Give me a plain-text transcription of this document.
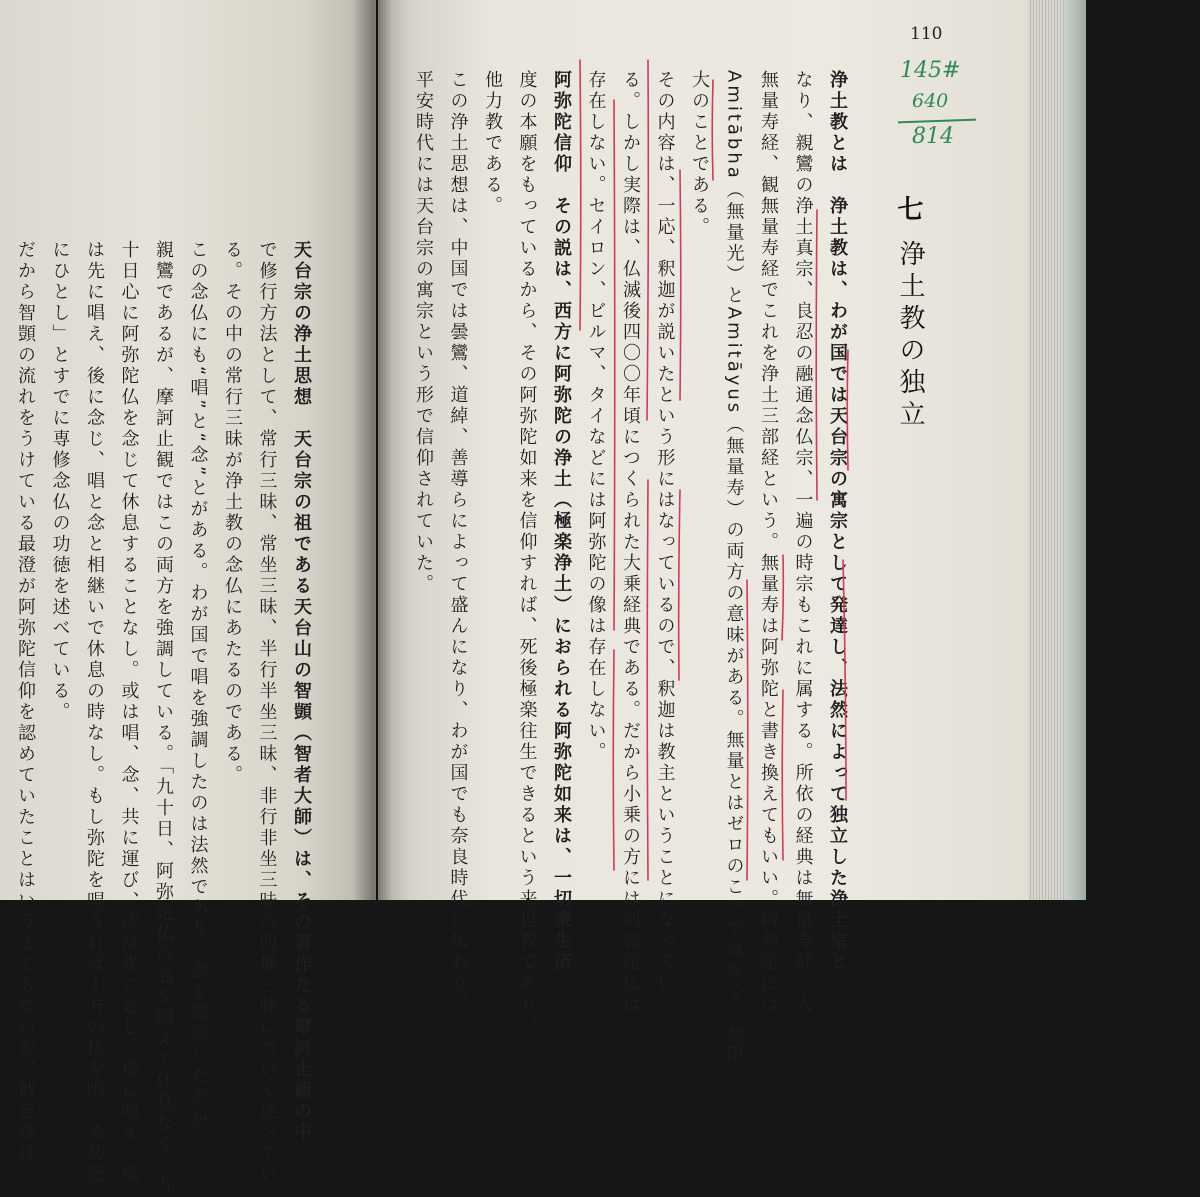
110
145#
640
814
七
浄土教の独立
浄土教とは　浄土教は、わが国では天台宗の寓宗として発達し、法然によって独立した浄土宗と
なり、親鸞の浄土真宗、良忍の融通念仏宗、一遍の時宗もこれに属する。所依の経典は無量寿経、大
無量寿経、観無量寿経でこれを浄土三部経という。無量寿は阿弥陀と書き換えてもいい。阿弥陀には
Amitābha（無量光）とAmitāyus（無量寿）の両方の意味がある。無量とはゼロのことではなく、無限
大のことである。
その内容は、一応、釈迦が説いたという形にはなっているので、釈迦は教主ということになってい
る。しかし実際は、仏滅後四〇〇年頃につくられた大乗経典である。だから小乗の方には阿弥陀仏は
存在しない。セイロン、ビルマ、タイなどには阿弥陀の像は存在しない。
阿弥陀信仰　その説は、西方に阿弥陀の浄土（極楽浄土）におられる阿弥陀如来は、一切衆生済
度の本願をもっているから、その阿弥陀如来を信仰すれば、死後極楽往生できるという来世教であり、
他力教である。
この浄土思想は、中国では曇鸞、道綽、善導らによって盛んになり、わが国でも奈良時代に伝わり、
平安時代には天台宗の寓宗という形で信仰されていた。
天台宗の浄土思想　天台宗の祖である天台山の智顗（智者大師）は、その著作たる摩訶止観の中
で修行方法として、常行三昧、常坐三昧、半行半坐三昧、非行非坐三昧の四種三昧について述べてい
る。その中の常行三昧が浄土教の念仏にあたるのである。
この念仏にも“唱”と“念”とがある。わが国で唱を強調したのは法然であり、念を強調したのが
親鸞であるが、摩訶止観ではこの両方を強調している。「九十日、阿弥陀仏の名を唱えて休息なく、九
十日心に阿弥陀仏を念じて休息することなし。或は唱、念、共に運び、或は先に念じ、後に唱え、或
は先に唱え、後に念じ、唱と念と相継いで休息の時なし。もし弥陀を唱うれば十方の仏を唱うる功徳
にひとし」とすでに専修念仏の功徳を述べている。
だから智顗の流れをうけている最澄が阿弥陀信仰を認めていたことはいうまでもないが、彼自身は
